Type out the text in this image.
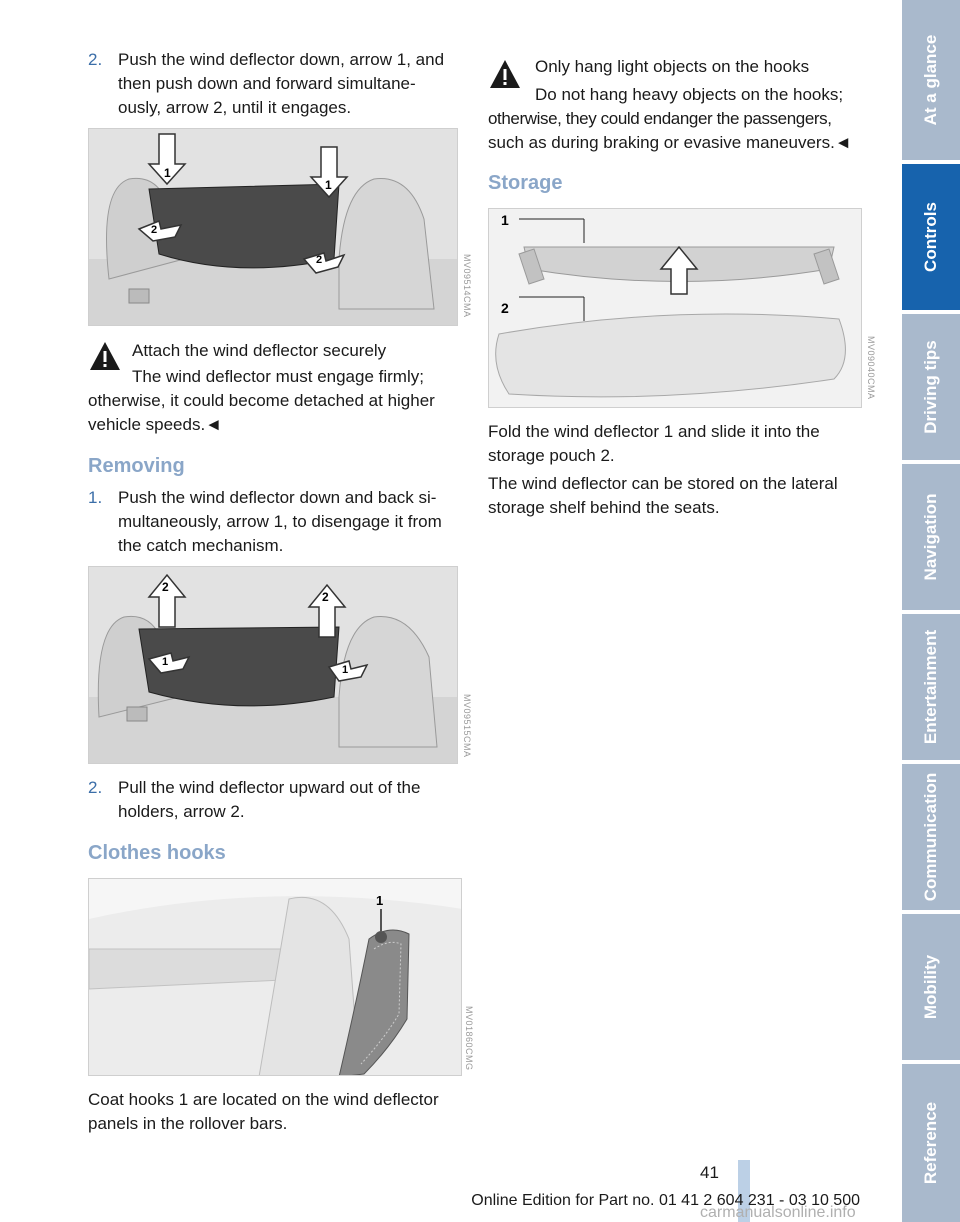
2. Push the wind deflector down, arrow 1, and

then push down and forward simultane-

ously, arrow 2, until it engages.

1
1
2
2	MV09514CMA

Attach the wind deflector securely

The wind deflector must engage firmly;

otherwise, it could become detached at higher

vehicle speeds.◄

Removing
1. Push the wind deflector down and back si-

multaneously, arrow 1, to disengage it from

the catch mechanism.

2
2
1
1
MV09515CMA
2. Pull the wind deflector upward out of the

holders, arrow 2.

Clothes hooks
1
MV01860CMG

Coat hooks 1 are located on the wind deflector

panels in the rollover bars.

Only hang light objects on the hooks

Do not hang heavy objects on the hooks;

otherwise, they could endanger the passengers,

such as during braking or evasive maneuvers.◄

Storage
1
2
MV09040CMA

Fold the wind deflector 1 and slide it into the

storage pouch 2.

The wind deflector can be stored on the lateral

storage shelf behind the seats.

At a glance
Controls
Driving tips
Navigation
Entertainment
Communication
Mobility
Reference
41
Online Edition for Part no. 01 41 2 604 231 - 03 10 500
carmanualsonline.info
